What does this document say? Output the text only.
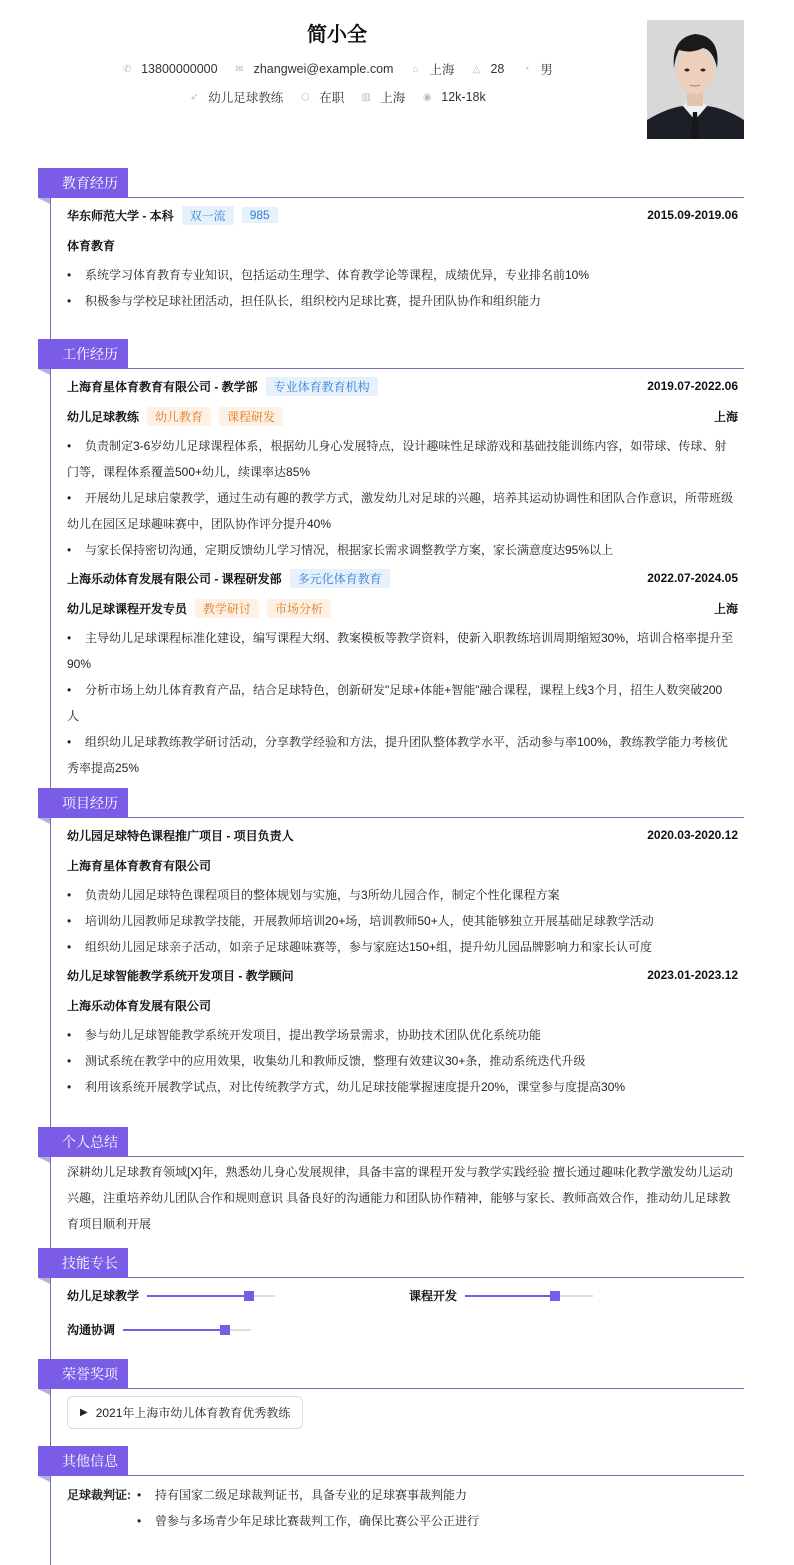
简小全
✆ 13800000000 ✉ zhangwei@example.com ⌂ 上海 △ 28 ◔ 男
➶ 幼儿足球教练 ⬡ 在职 ▥ 上海 ◉ 12k-18k
教育经历
华东师范大学 - 本科	双一流	985	2015.09-2019.06
体育教育
• 系统学习体育教育专业知识，包括运动生理学、体育教学论等课程，成绩优异，专业排名前10%
• 积极参与学校足球社团活动，担任队长，组织校内足球比赛，提升团队协作和组织能力
工作经历
上海育星体育教育有限公司 - 教学部	专业体育教育机构	2019.07-2022.06
幼儿足球教练	幼儿教育	课程研发	上海
• 负责制定3-6岁幼儿足球课程体系，根据幼儿身心发展特点，设计趣味性足球游戏和基础技能训练内容，如带球、传球、射
门等，课程体系覆盖500+幼儿，续课率达85%
• 开展幼儿足球启蒙教学，通过生动有趣的教学方式，激发幼儿对足球的兴趣，培养其运动协调性和团队合作意识，所带班级
幼儿在园区足球趣味赛中，团队协作评分提升40%
• 与家长保持密切沟通，定期反馈幼儿学习情况，根据家长需求调整教学方案，家长满意度达95%以上
上海乐动体育发展有限公司 - 课程研发部	多元化体育教育	2022.07-2024.05
幼儿足球课程开发专员	教学研讨	市场分析	上海
• 主导幼儿足球课程标准化建设，编写课程大纲、教案模板等教学资料，使新入职教练培训周期缩短30%，培训合格率提升至
90%
• 分析市场上幼儿体育教育产品，结合足球特色，创新研发"足球+体能+智能"融合课程，课程上线3个月，招生人数突破200
人
• 组织幼儿足球教练教学研讨活动，分享教学经验和方法，提升团队整体教学水平，活动参与率100%，教练教学能力考核优
秀率提高25%
项目经历
幼儿园足球特色课程推广项目 - 项目负责人	2020.03-2020.12
上海育星体育教育有限公司
• 负责幼儿园足球特色课程项目的整体规划与实施，与3所幼儿园合作，制定个性化课程方案
• 培训幼儿园教师足球教学技能，开展教师培训20+场，培训教师50+人，使其能够独立开展基础足球教学活动
• 组织幼儿园足球亲子活动，如亲子足球趣味赛等，参与家庭达150+组，提升幼儿园品牌影响力和家长认可度
幼儿足球智能教学系统开发项目 - 教学顾问	2023.01-2023.12
上海乐动体育发展有限公司
• 参与幼儿足球智能教学系统开发项目，提出教学场景需求，协助技术团队优化系统功能
• 测试系统在教学中的应用效果，收集幼儿和教师反馈，整理有效建议30+条，推动系统迭代升级
• 利用该系统开展教学试点，对比传统教学方式，幼儿足球技能掌握速度提升20%，课堂参与度提高30%
个人总结
深耕幼儿足球教育领域[X]年，熟悉幼儿身心发展规律，具备丰富的课程开发与教学实践经验 擅长通过趣味化教学激发幼儿运动
兴趣，注重培养幼儿团队合作和规则意识 具备良好的沟通能力和团队协作精神，能够与家长、教师高效合作，推动幼儿足球教
育项目顺利开展
技能专长
幼儿足球教学	课程开发
沟通协调
荣誉奖项
▶ 2021年上海市幼儿体育教育优秀教练
其他信息
足球裁判证:	• 持有国家二级足球裁判证书，具备专业的足球赛事裁判能力
• 曾参与多场青少年足球比赛裁判工作，确保比赛公平公正进行
